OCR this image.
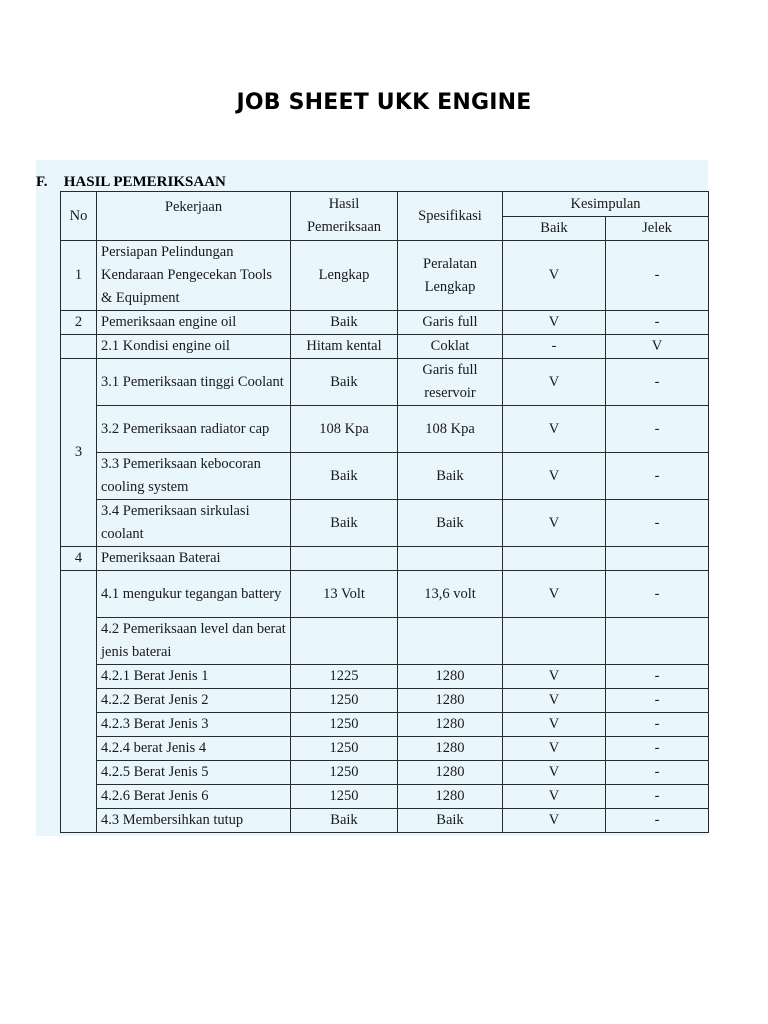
JOB SHEET UKK ENGINE
F. HASIL PEMERIKSAAN
No	Pekerjaan	Hasil Pemeriksaan	Spesifikasi	Kesimpulan	
				Baik	Jelek
1	Persiapan Pelindungan Kendaraan Pengecekan Tools & Equipment	Lengkap	Peralatan Lengkap	V	-
2	Pemeriksaan engine oil	Baik	Garis full	V	-
	2.1 Kondisi engine oil	Hitam kental	Coklat	-	V
3	3.1 Pemeriksaan tinggi Coolant	Baik	Garis full reservoir	V	-
	3.2 Pemeriksaan radiator cap	108 Kpa	108 Kpa	V	-
	3.3 Pemeriksaan kebocoran cooling system	Baik	Baik	V	-
	3.4 Pemeriksaan sirkulasi coolant	Baik	Baik	V	-
4	Pemeriksaan Baterai				
	4.1 mengukur tegangan battery	13 Volt	13,6 volt	V	-
	4.2 Pemeriksaan level dan berat jenis baterai				
	4.2.1 Berat Jenis 1	1225	1280	V	-
	4.2.2 Berat Jenis 2	1250	1280	V	-
	4.2.3 Berat Jenis 3	1250	1280	V	-
	4.2.4 berat Jenis 4	1250	1280	V	-
	4.2.5 Berat Jenis 5	1250	1280	V	-
	4.2.6 Berat Jenis 6	1250	1280	V	-
	4.3 Membersihkan tutup	Baik	Baik	V	-
